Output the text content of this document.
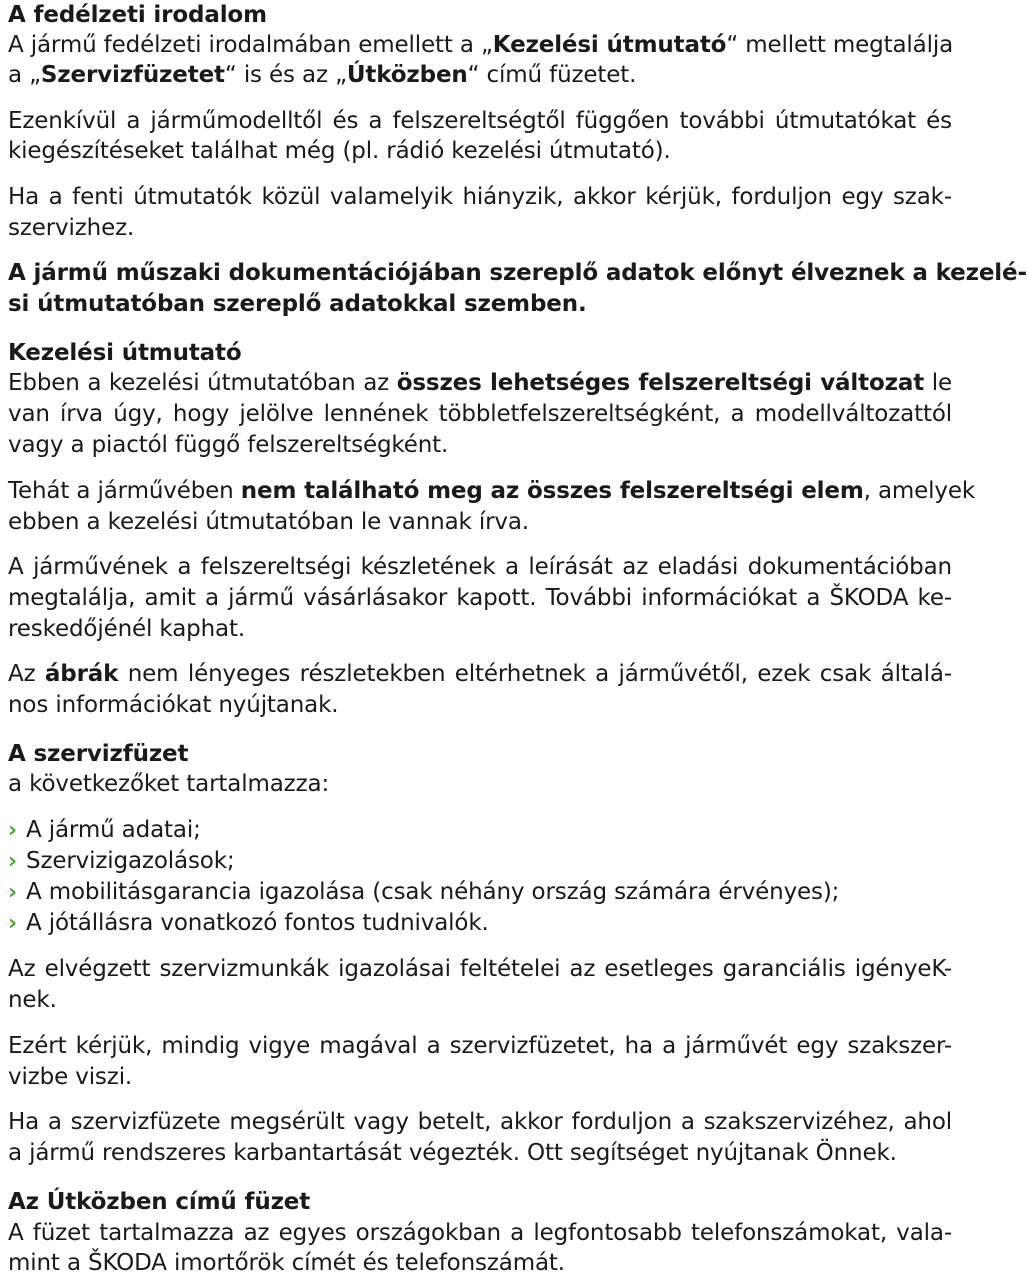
A fedélzeti irodalom
A jármű fedélzeti irodalmában emellett a „Kezelési útmutató“ mellett megtalálja
a „Szervizfüzetet“ is és az „Útközben“ című füzetet.
Ezenkívül a járműmodelltől és a felszereltségtől függően további útmutatókat és
kiegészítéseket találhat még (pl. rádió kezelési útmutató).
Ha a fenti útmutatók közül valamelyik hiányzik, akkor kérjük, forduljon egy szak-
szervizhez.
A jármű műszaki dokumentációjában szereplő adatok előnyt élveznek a kezelé-
si útmutatóban szereplő adatokkal szemben.
Kezelési útmutató
Ebben a kezelési útmutatóban az összes lehetséges felszereltségi változat le
van írva úgy, hogy jelölve lennének többletfelszereltségként, a modellváltozattól
vagy a piactól függő felszereltségként.
Tehát a járművében nem található meg az összes felszereltségi elem, amelyek
ebben a kezelési útmutatóban le vannak írva.
A járművének a felszereltségi készletének a leírását az eladási dokumentációban
megtalálja, amit a jármű vásárlásakor kapott. További információkat a ŠKODA ke-
reskedőjénél kaphat.
Az ábrák nem lényeges részletekben eltérhetnek a járművétől, ezek csak általá-
nos információkat nyújtanak.
A szervizfüzet
a következőket tartalmazza:
› A jármű adatai;
› Szervizigazolások;
› A mobilitásgarancia igazolása (csak néhány ország számára érvényes);
› A jótállásra vonatkozó fontos tudnivalók.
Az elvégzett szervizmunkák igazolásai feltételei az esetleges garanciális igényeK-
nek.
Ezért kérjük, mindig vigye magával a szervizfüzetet, ha a járművét egy szakszer-
vizbe viszi.
Ha a szervizfüzete megsérült vagy betelt, akkor forduljon a szakszervizéhez, ahol
a jármű rendszeres karbantartását végezték. Ott segítséget nyújtanak Önnek.
Az Útközben című füzet
A füzet tartalmazza az egyes országokban a legfontosabb telefonszámokat, vala-
mint a ŠKODA imortőrök címét és telefonszámát.
